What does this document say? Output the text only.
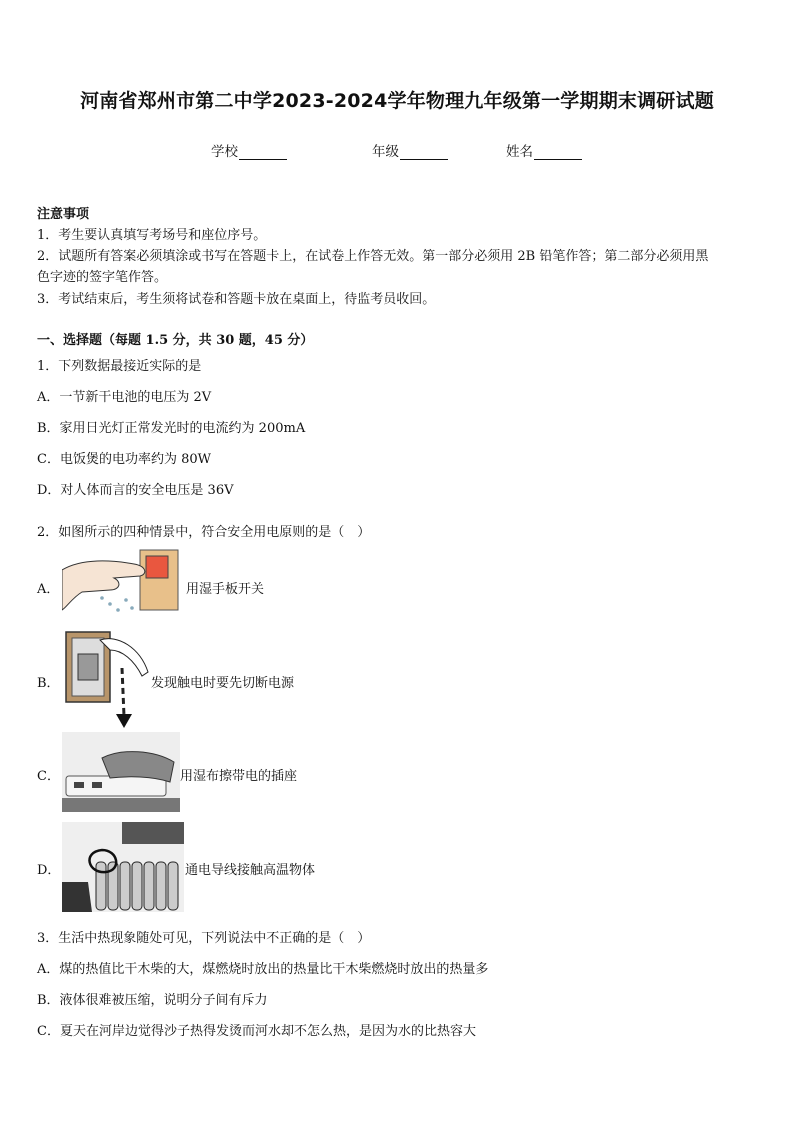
河南省郑州市第二中学2023-2024学年物理九年级第一学期期末调研试题
学校	年级	姓名
注意事项
1．考生要认真填写考场号和座位序号。
2．试题所有答案必须填涂或书写在答题卡上，在试卷上作答无效。第一部分必须用 2B 铅笔作答；第二部分必须用黑
色字迹的签字笔作答。
3．考试结束后，考生须将试卷和答题卡放在桌面上，待监考员收回。
一、选择题（每题 1.5 分，共 30 题，45 分）
1．下列数据最接近实际的是
A．一节新干电池的电压为 2V
B．家用日光灯正常发光时的电流约为 200mA
C．电饭煲的电功率约为 80W
D．对人体而言的安全电压是 36V
2．如图所示的四种情景中，符合安全用电原则的是（　）
A．	用湿手板开关
B．	发现触电时要先切断电源
C．	用湿布擦带电的插座
D．	通电导线接触高温物体
3．生活中热现象随处可见，下列说法中不正确的是（　）
A．煤的热值比干木柴的大，煤燃烧时放出的热量比干木柴燃烧时放出的热量多
B．液体很难被压缩，说明分子间有斥力
C．夏天在河岸边觉得沙子热得发烫而河水却不怎么热，是因为水的比热容大
